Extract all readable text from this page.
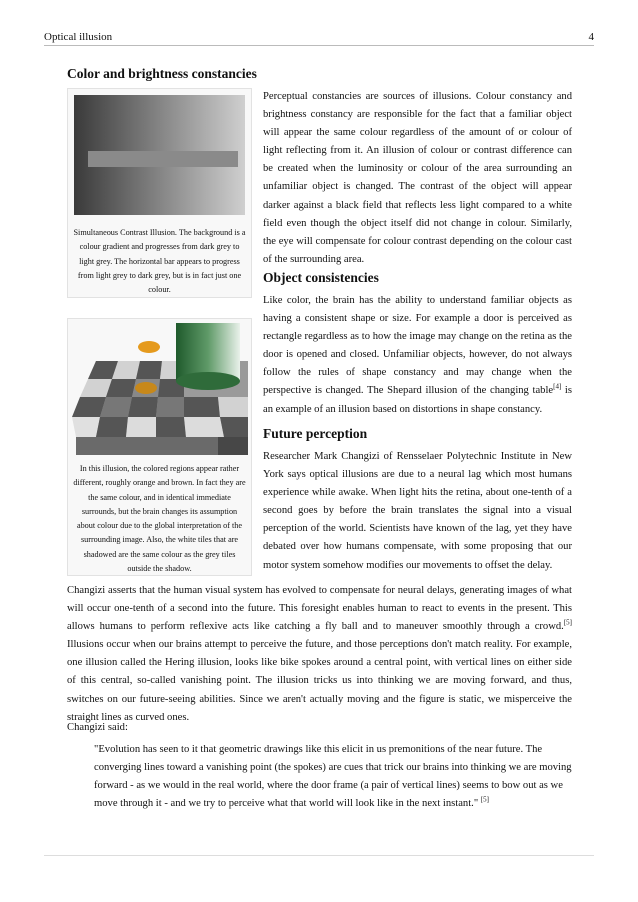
Optical illusion	4
Color and brightness constancies

Simultaneous Contrast Illusion. The background is a colour gradient and progresses from dark grey to light grey. The horizontal bar appears to progress from light grey to dark grey, but is in fact just one colour.

Perceptual constancies are sources of illusions. Colour constancy and brightness constancy are responsible for the fact that a familiar object will appear the same colour regardless of the amount of or colour of light reflecting from it. An illusion of colour or contrast difference can be created when the luminosity or colour of the area surrounding an unfamiliar object is changed. The contrast of the object will appear darker against a black field that reflects less light compared to a white field even though the object itself did not change in colour. Similarly, the eye will compensate for colour contrast depending on the colour cast of the surrounding area.

Object consistencies

Like color, the brain has the ability to understand familiar objects as having a consistent shape or size. For example a door is perceived as rectangle regardless as to how the image may change on the retina as the door is opened and closed. Unfamiliar objects, however, do not always follow the rules of shape constancy and may change when the perspective is changed. The Shepard illusion of the changing table[4] is an example of an illusion based on distortions in shape constancy.

In this illusion, the colored regions appear rather different, roughly orange and brown. In fact they are the same colour, and in identical immediate surrounds, but the brain changes its assumption about colour due to the global interpretation of the surrounding image. Also, the white tiles that are shadowed are the same colour as the grey tiles outside the shadow.

Future perception

Researcher Mark Changizi of Rensselaer Polytechnic Institute in New York says optical illusions are due to a neural lag which most humans experience while awake. When light hits the retina, about one-tenth of a second goes by before the brain translates the signal into a visual perception of the world. Scientists have known of the lag, yet they have debated over how humans compensate, with some proposing that our motor system somehow modifies our movements to offset the delay.

Changizi asserts that the human visual system has evolved to compensate for neural delays, generating images of what will occur one-tenth of a second into the future. This foresight enables human to react to events in the present. This allows humans to perform reflexive acts like catching a fly ball and to maneuver smoothly through a crowd.[5] Illusions occur when our brains attempt to perceive the future, and those perceptions don't match reality. For example, one illusion called the Hering illusion, looks like bike spokes around a central point, with vertical lines on either side of this central, so-called vanishing point. The illusion tricks us into thinking we are moving forward, and thus, switches on our future-seeing abilities. Since we aren't actually moving and the figure is static, we misperceive the straight lines as curved ones.

Changizi said:

"Evolution has seen to it that geometric drawings like this elicit in us premonitions of the near future. The converging lines toward a vanishing point (the spokes) are cues that trick our brains into thinking we are moving forward - as we would in the real world, where the door frame (a pair of vertical lines) seems to bow out as we move through it - and we try to perceive what that world will look like in the next instant." [5]
